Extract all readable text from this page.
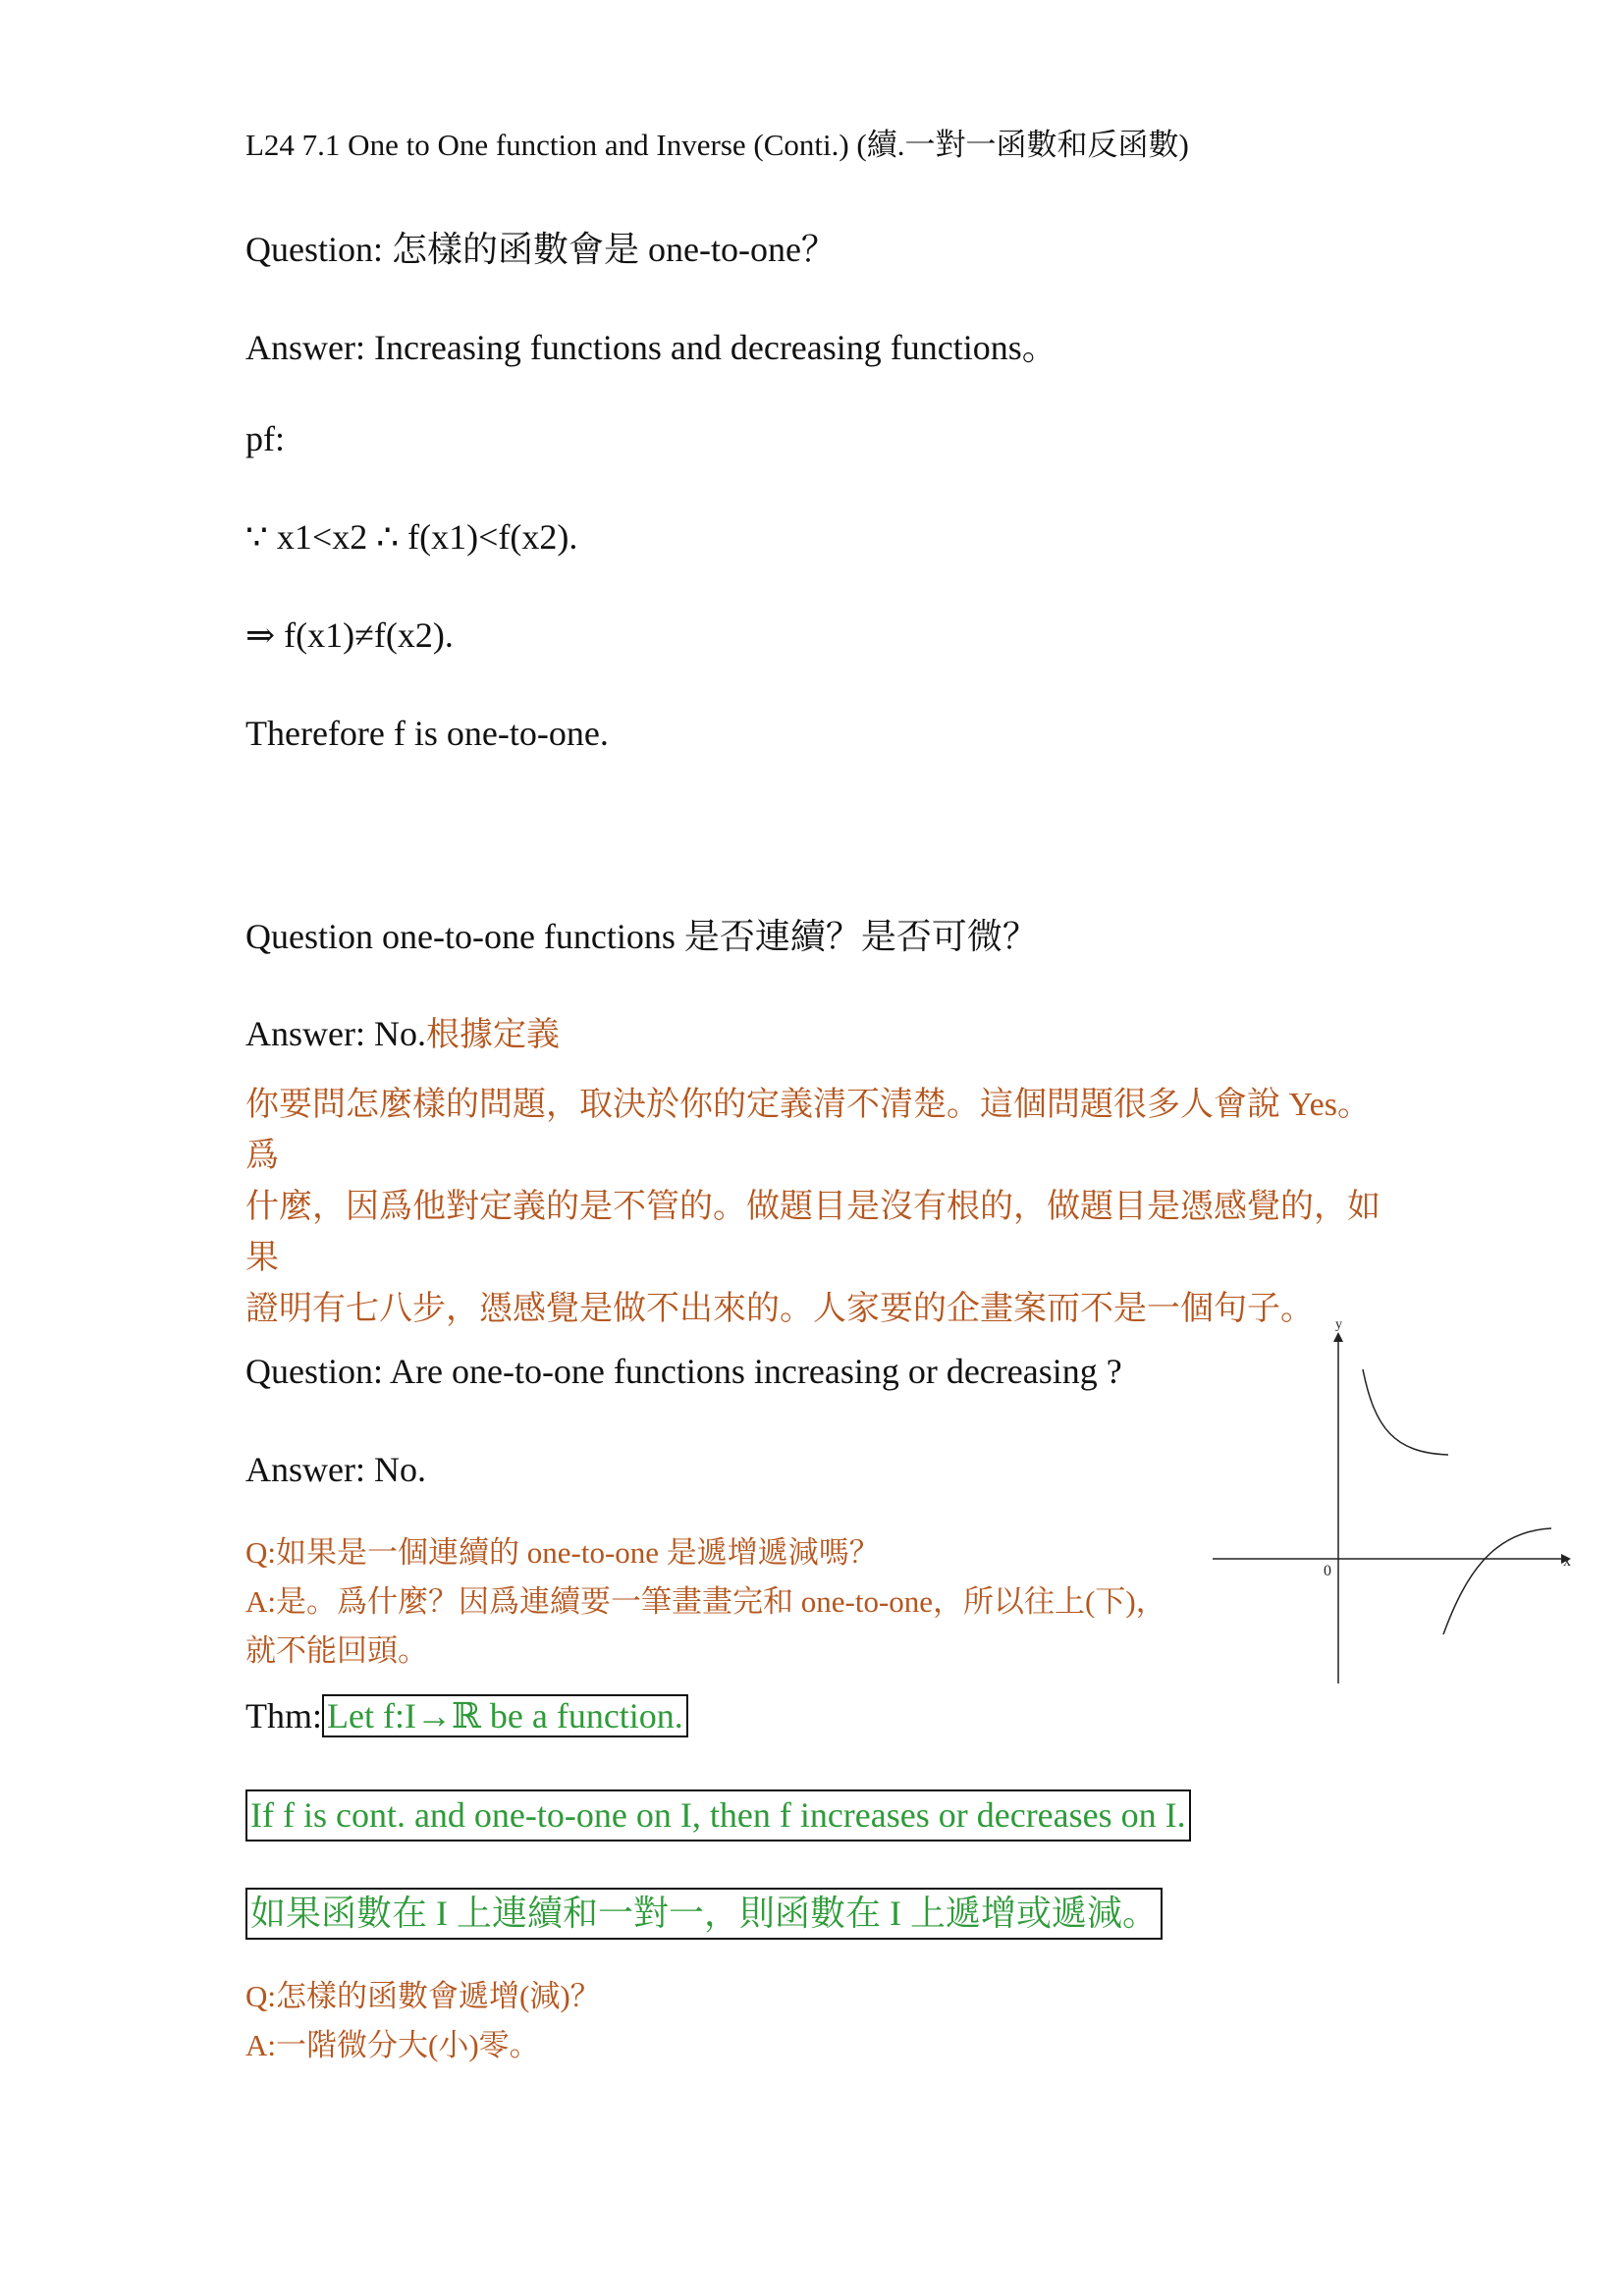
L24 7.1 One to One function and Inverse (Conti.) (續.一對一函數和反函數)
Question: 怎樣的函數會是 one-to-one？
Answer: Increasing functions and decreasing functions。
pf:
∵ x1<x2 ∴ f(x1)<f(x2).
⇒ f(x1)≠f(x2).
Therefore f is one-to-one.
Question one-to-one functions 是否連續？是否可微？
Answer: No.根據定義
你要問怎麼樣的問題，取決於你的定義清不清楚。這個問題很多人會說 Yes。爲
什麼，因爲他對定義的是不管的。做題目是沒有根的，做題目是憑感覺的，如果
證明有七八步，憑感覺是做不出來的。人家要的企畫案而不是一個句子。
Question: Are one-to-one functions increasing or decreasing ?
Answer: No.
Q:如果是一個連續的 one-to-one 是遞增遞減嗎？
A:是。爲什麼？因爲連續要一筆畫畫完和 one-to-one，所以往上(下)，
就不能回頭。
y
x
0
Thm: Let f:I→ℝ be a function.
If f is cont. and one-to-one on I, then f increases or decreases on I.
如果函數在 I 上連續和一對一，則函數在 I 上遞增或遞減。
Q:怎樣的函數會遞增(減)？
A:一階微分大(小)零。
